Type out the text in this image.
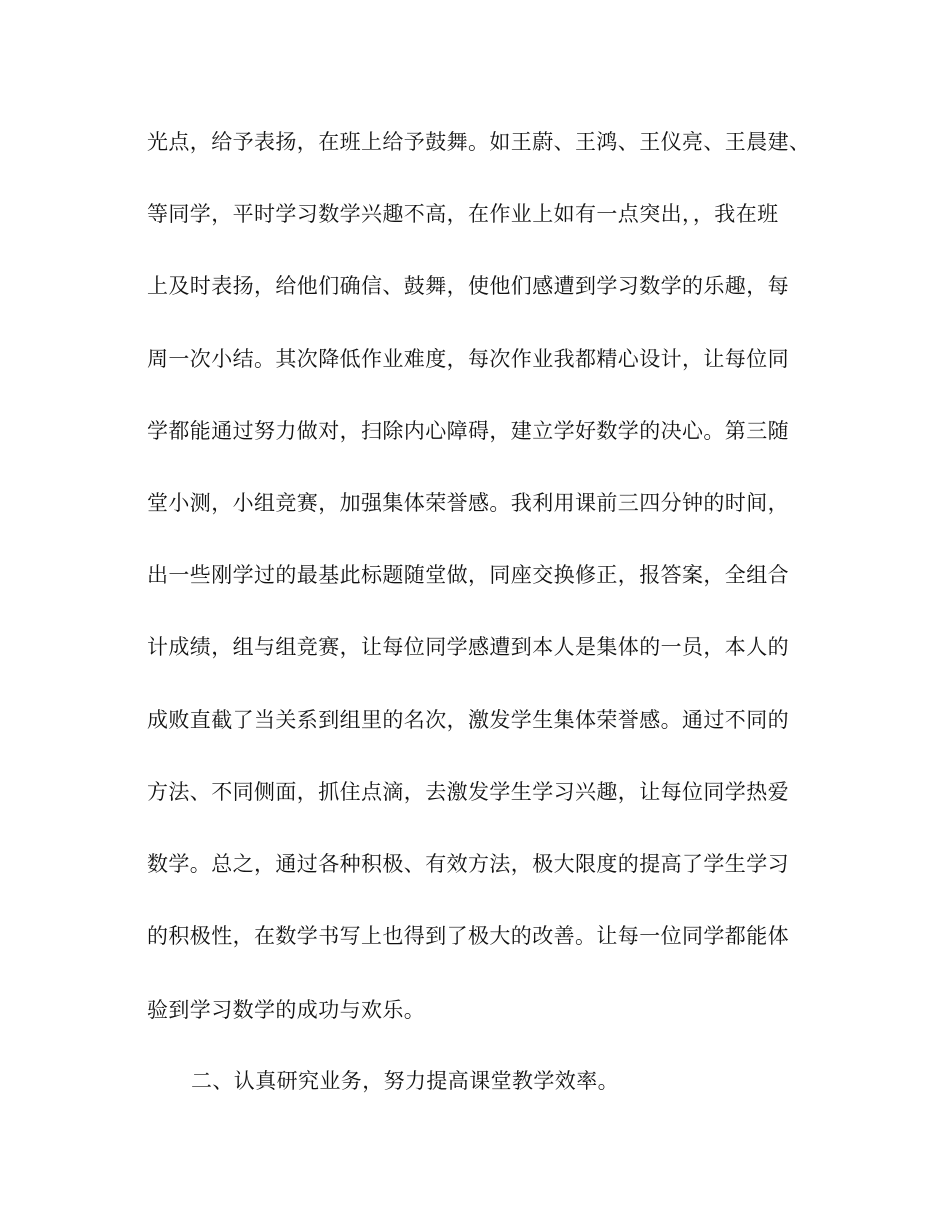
光点，给予表扬，在班上给予鼓舞。如王蔚、王鸿、王仪亮、王晨建、

等同学，平时学习数学兴趣不高，在作业上如有一点突出，，我在班

上及时表扬，给他们确信、鼓舞，使他们感遭到学习数学的乐趣，每

周一次小结。其次降低作业难度，每次作业我都精心设计，让每位同

学都能通过努力做对，扫除内心障碍，建立学好数学的决心。第三随

堂小测，小组竞赛，加强集体荣誉感。我利用课前三四分钟的时间，

出一些刚学过的最基此标题随堂做，同座交换修正，报答案，全组合

计成绩，组与组竞赛，让每位同学感遭到本人是集体的一员，本人的

成败直截了当关系到组里的名次，激发学生集体荣誉感。通过不同的

方法、不同侧面，抓住点滴，去激发学生学习兴趣，让每位同学热爱

数学。总之，通过各种积极、有效方法，极大限度的提高了学生学习

的积极性，在数学书写上也得到了极大的改善。让每一位同学都能体

验到学习数学的成功与欢乐。

二、认真研究业务，努力提高课堂教学效率。
